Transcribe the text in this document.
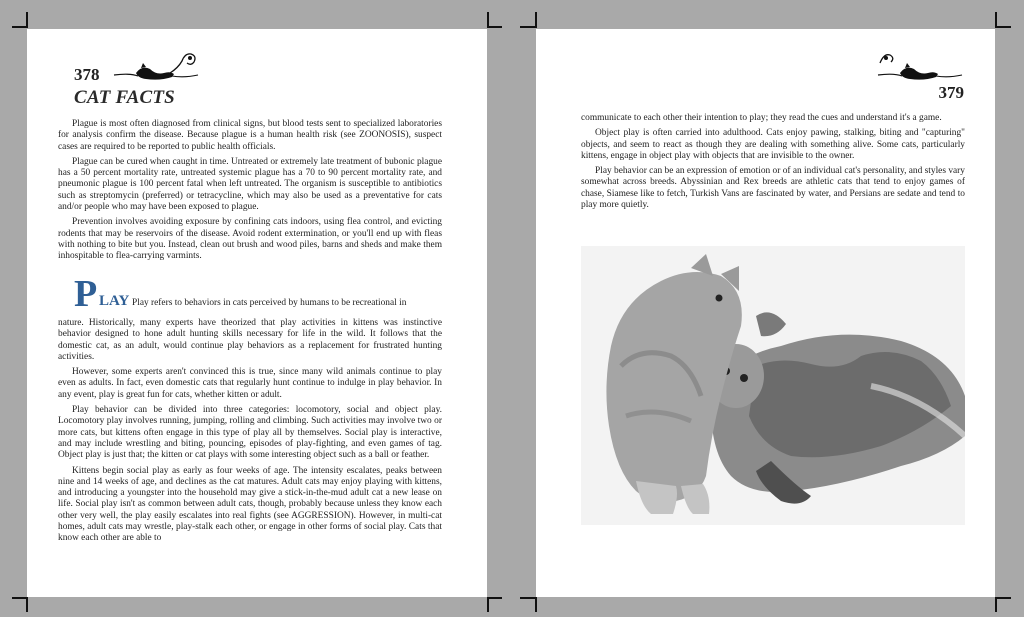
378
CAT FACTS

Plague is most often diagnosed from clinical signs, but blood tests sent to specialized laboratories for analysis confirm the disease. Because plague is a human health risk (see ZOONOSIS), suspect cases are required to be reported to public health officials.

Plague can be cured when caught in time. Untreated or extremely late treatment of bubonic plague has a 50 percent mortality rate, untreated systemic plague has a 70 to 90 percent mortality rate, and pneumonic plague is 100 percent fatal when left untreated. The organism is susceptible to antibiotics such as streptomycin (preferred) or tetracycline, which may also be used as a preventative for cats and/or people who may have been exposed to plague.

Prevention involves avoiding exposure by confining cats indoors, using flea control, and evicting rodents that may be reservoirs of the disease. Avoid rodent extermination, or you'll end up with fleas with nothing to bite but you. Instead, clean out brush and wood piles, barns and sheds and make them inhospitable to flea-carrying varmints.

P LAY Play refers to behaviors in cats perceived by humans to be recreational in

nature. Historically, many experts have theorized that play activities in kittens was instinctive behavior designed to hone adult hunting skills necessary for life in the wild. It follows that the domestic cat, as an adult, would continue play behaviors as a replacement for frustrated hunting activities.

However, some experts aren't convinced this is true, since many wild animals continue to play even as adults. In fact, even domestic cats that regularly hunt continue to indulge in play behavior. In any event, play is great fun for cats, whether kitten or adult.

Play behavior can be divided into three categories: locomotory, social and object play. Locomotory play involves running, jumping, rolling and climbing. Such activities may involve two or more cats, but kittens often engage in this type of play all by themselves. Social play is interactive, and may include wrestling and biting, pouncing, episodes of play-fighting, and even games of tag. Object play is just that; the kitten or cat plays with some interesting object such as a ball or feather.

Kittens begin social play as early as four weeks of age. The intensity escalates, peaks between nine and 14 weeks of age, and declines as the cat matures. Adult cats may enjoy playing with kittens, and introducing a youngster into the household may give a stick-in-the-mud adult cat a new lease on life. Social play isn't as common between adult cats, though, probably because unless they know each other very well, the play easily escalates into real fights (see AGGRESSION). However, in multi-cat homes, adult cats may wrestle, play-stalk each other, or engage in other forms of social play. Cats that know each other are able to

379

communicate to each other their intention to play; they read the cues and understand it's a game.

Object play is often carried into adulthood. Cats enjoy pawing, stalking, biting and "capturing" objects, and seem to react as though they are dealing with something alive. Some cats, particularly kittens, engage in object play with objects that are invisible to the owner.

Play behavior can be an expression of emotion or of an individual cat's personality, and styles vary somewhat across breeds. Abyssinian and Rex breeds are athletic cats that tend to enjoy games of chase, Siamese like to fetch, Turkish Vans are fascinated by water, and Persians are sedate and tend to play more quietly.
